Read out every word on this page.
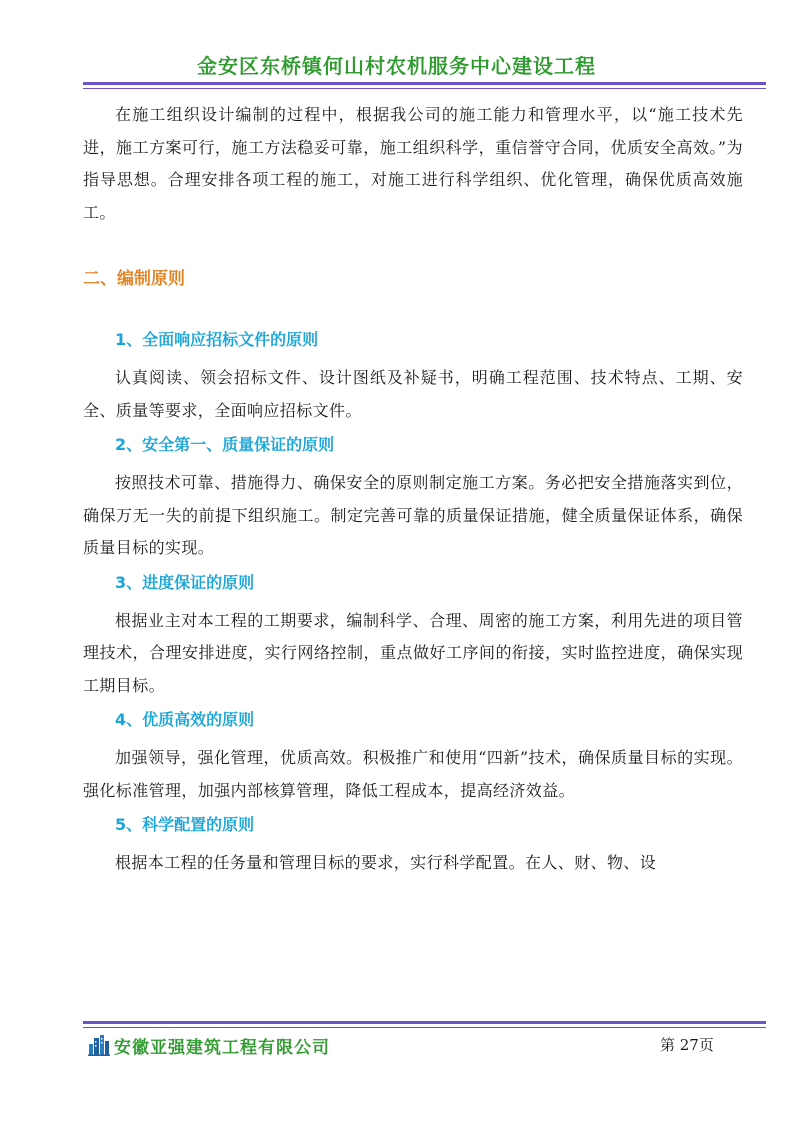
金安区东桥镇何山村农机服务中心建设工程

在施工组织设计编制的过程中，根据我公司的施工能力和管理水平，以“施工技术先进，施工方案可行，施工方法稳妥可靠，施工组织科学，重信誉守合同，优质安全高效。”为指导思想。合理安排各项工程的施工，对施工进行科学组织、优化管理，确保优质高效施工。

二、编制原则

1、全面响应招标文件的原则

认真阅读、领会招标文件、设计图纸及补疑书，明确工程范围、技术特点、工期、安全、质量等要求，全面响应招标文件。

2、安全第一、质量保证的原则

按照技术可靠、措施得力、确保安全的原则制定施工方案。务必把安全措施落实到位，确保万无一失的前提下组织施工。制定完善可靠的质量保证措施，健全质量保证体系，确保质量目标的实现。

3、进度保证的原则

根据业主对本工程的工期要求，编制科学、合理、周密的施工方案，利用先进的项目管理技术，合理安排进度，实行网络控制，重点做好工序间的衔接，实时监控进度，确保实现工期目标。

4、优质高效的原则

加强领导，强化管理，优质高效。积极推广和使用“四新”技术，确保质量目标的实现。强化标准管理，加强内部核算管理，降低工程成本，提高经济效益。

5、科学配置的原则

根据本工程的任务量和管理目标的要求，实行科学配置。在人、财、物、设

安徽亚强建筑工程有限公司	第 27页
